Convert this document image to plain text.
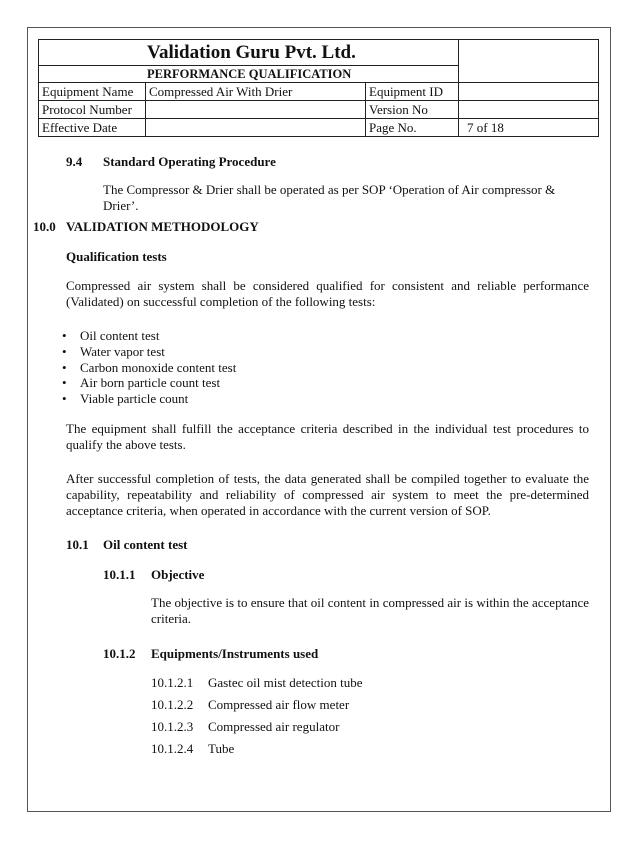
Validation Guru Pvt. Ltd.			
PERFORMANCE QUALIFICATION			
Equipment Name	Compressed Air With Drier	Equipment ID	
Protocol Number		Version No	
Effective Date		Page No.	7 of 18
9.4 Standard Operating Procedure
The Compressor & Drier shall be operated as per SOP ‘Operation of Air compressor & Drier’.
10.0 VALIDATION METHODOLOGY
Qualification tests
Compressed air system shall be considered qualified for consistent and reliable performance (Validated) on successful completion of the following tests:
• Oil content test
• Water vapor test
• Carbon monoxide content test
• Air born particle count test
• Viable particle count
The equipment shall fulfill the acceptance criteria described in the individual test procedures to qualify the above tests.
After successful completion of tests, the data generated shall be compiled together to evaluate the capability, repeatability and reliability of compressed air system to meet the pre-determined acceptance criteria, when operated in accordance with the current version of SOP.
10.1 Oil content test
10.1.1 Objective
The objective is to ensure that oil content in compressed air is within the acceptance criteria.
10.1.2 Equipments/Instruments used
10.1.2.1 Gastec oil mist detection tube
10.1.2.2 Compressed air flow meter
10.1.2.3 Compressed air regulator
10.1.2.4 Tube
